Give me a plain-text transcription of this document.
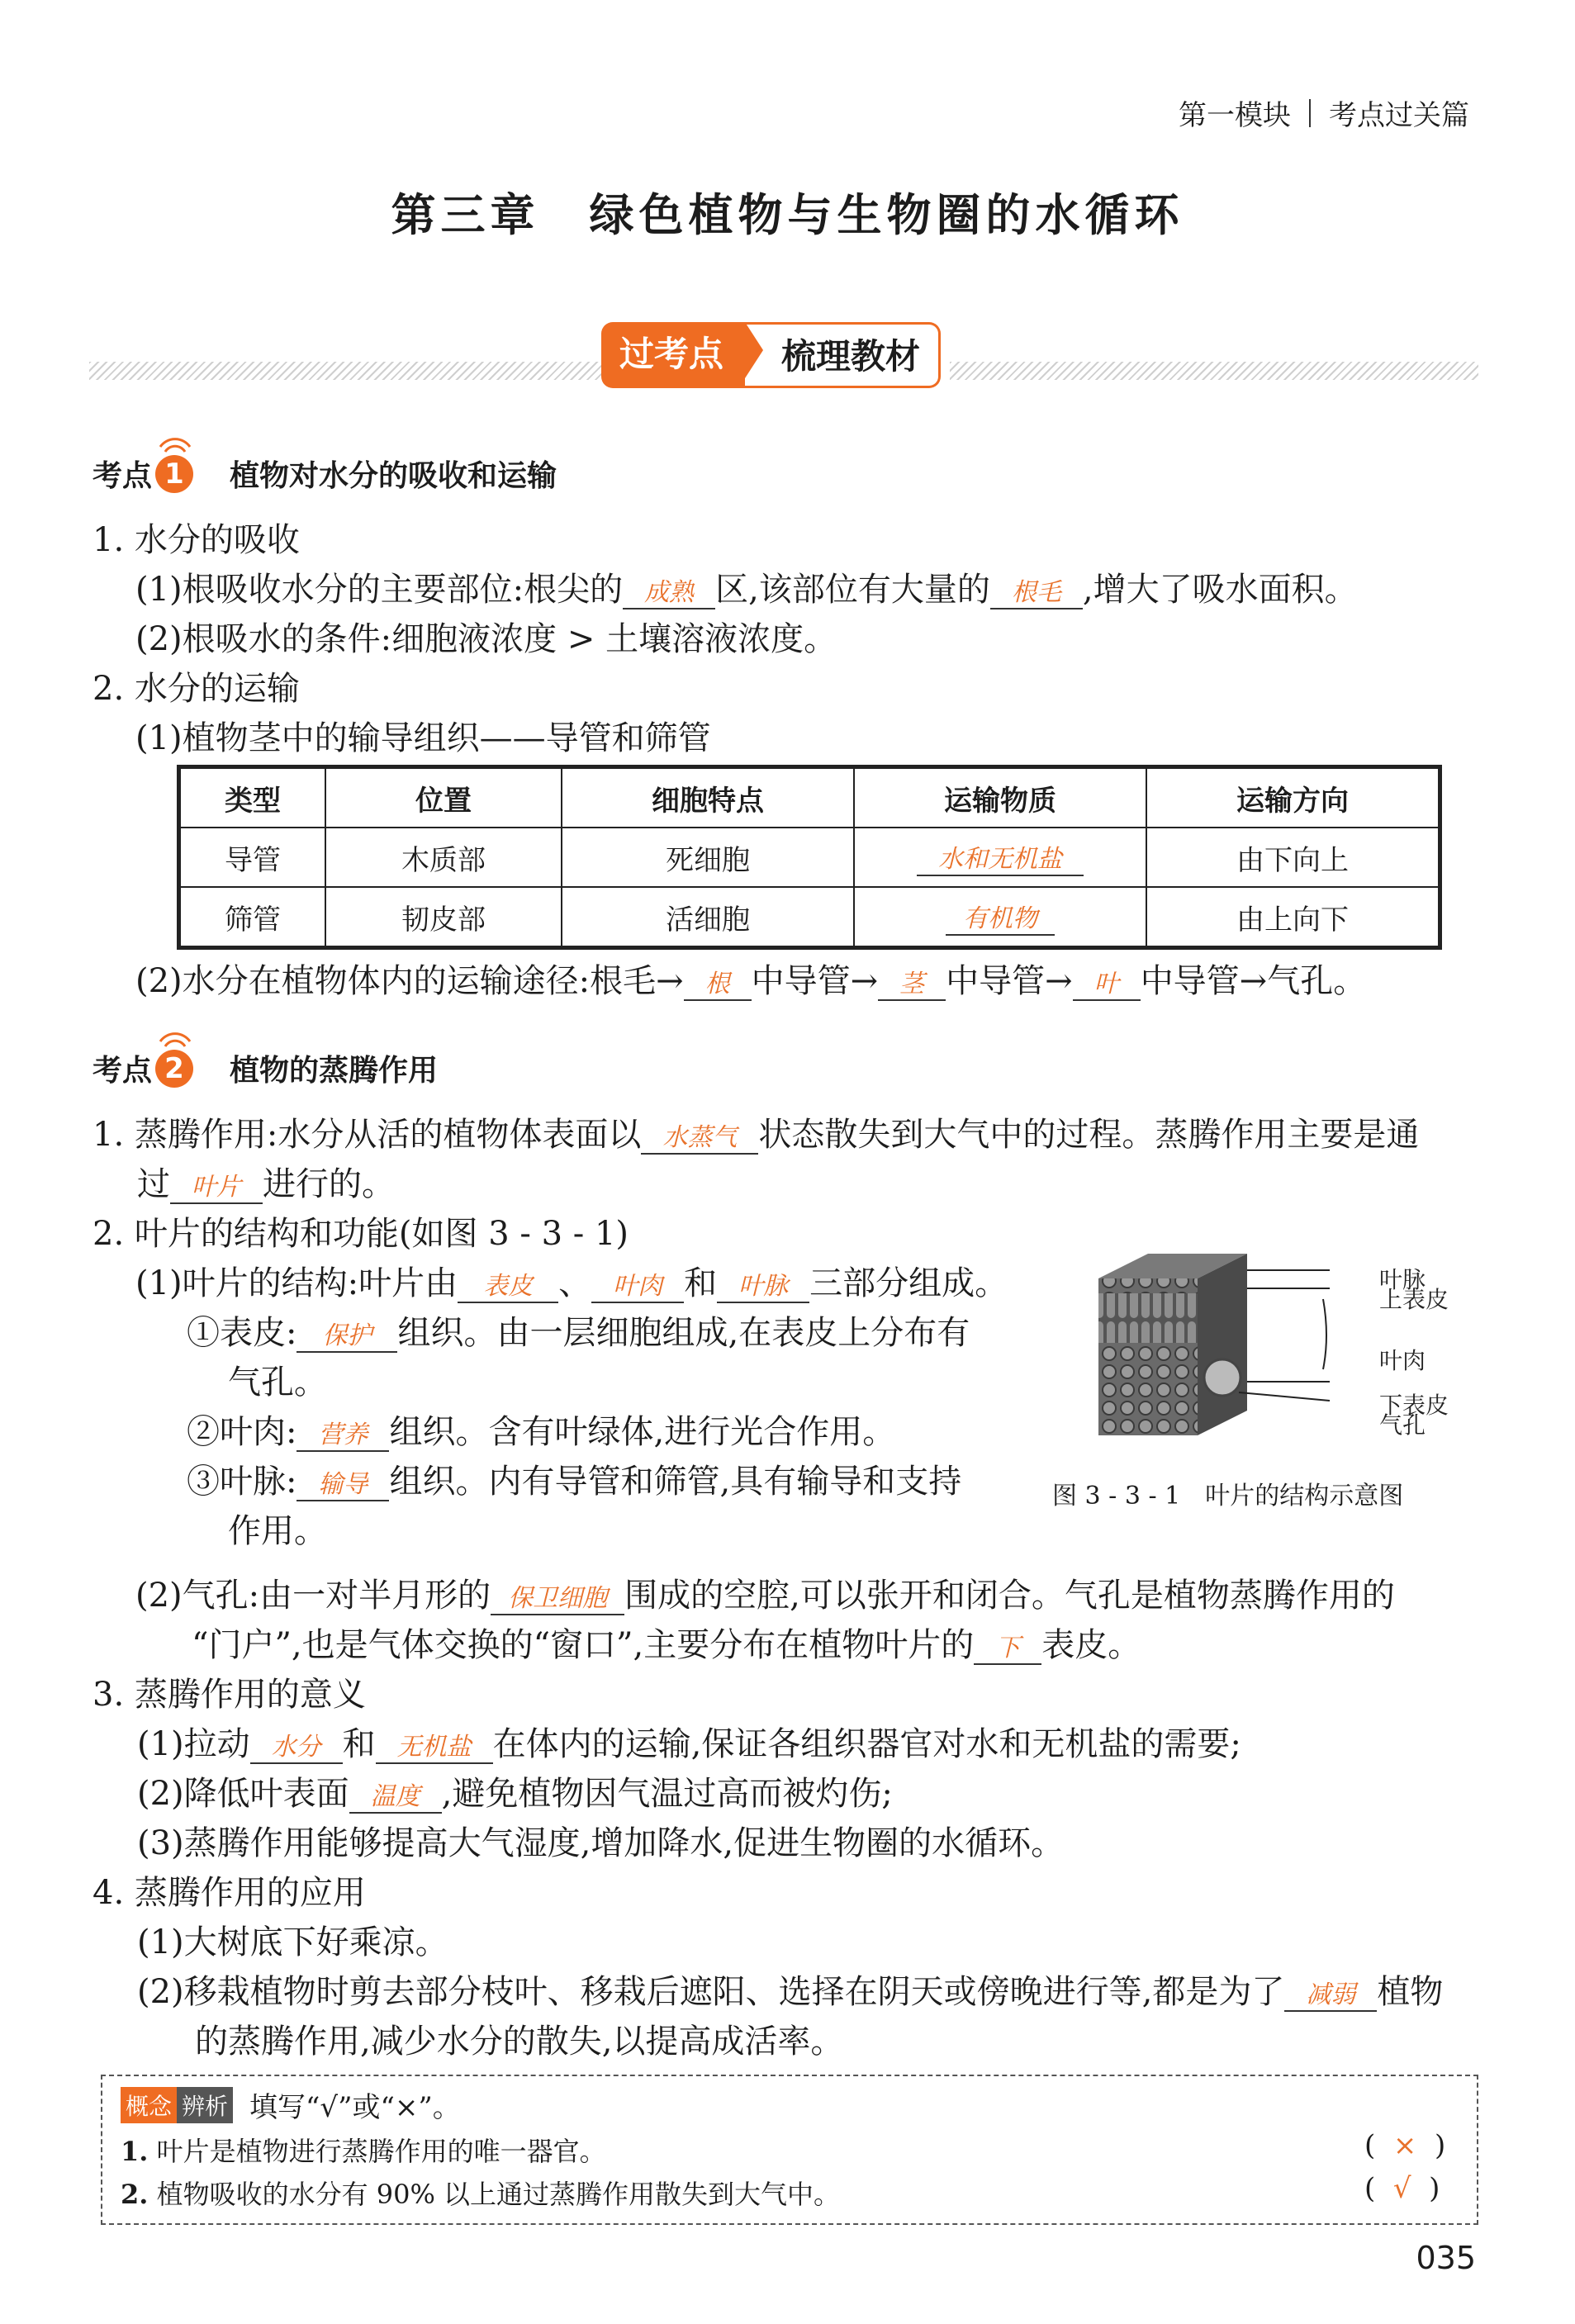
第一模块 考点过关篇
第三章 绿色植物与生物圈的水循环
过考点	梳理教材
考点 1 植物对水分的吸收和运输
1. 水分的吸收
(1)根吸收水分的主要部位:根尖的 成熟 区,该部位有大量的 根毛 ,增大了吸水面积。
(2)根吸水的条件:细胞液浓度 > 土壤溶液浓度。
2. 水分的运输
(1)植物茎中的输导组织——导管和筛管
类型	位置	细胞特点	运输物质	运输方向
导管	木质部	死细胞	水和无机盐	由下向上
筛管	韧皮部	活细胞	有机物	由上向下
(2)水分在植物体内的运输途径:根毛→ 根 中导管→ 茎 中导管→ 叶 中导管→气孔。
考点 2 植物的蒸腾作用
1. 蒸腾作用:水分从活的植物体表面以 水蒸气 状态散失到大气中的过程。蒸腾作用主要是通
过 叶片 进行的。
2. 叶片的结构和功能(如图 3 - 3 - 1)
(1)叶片的结构:叶片由 表皮 、 叶肉 和 叶脉 三部分组成。
①表皮: 保护 组织。由一层细胞组成,在表皮上分布有
气孔。
②叶肉: 营养 组织。含有叶绿体,进行光合作用。
③叶脉: 输导 组织。内有导管和筛管,具有输导和支持
作用。
叶脉
上表皮
叶肉
下表皮
气孔
图 3 - 3 - 1　叶片的结构示意图
(2)气孔:由一对半月形的 保卫细胞 围成的空腔,可以张开和闭合。气孔是植物蒸腾作用的
“门户”,也是气体交换的“窗口”,主要分布在植物叶片的 下 表皮。
3. 蒸腾作用的意义
(1)拉动 水分 和 无机盐 在体内的运输,保证各组织器官对水和无机盐的需要;
(2)降低叶表面 温度 ,避免植物因气温过高而被灼伤;
(3)蒸腾作用能够提高大气湿度,增加降水,促进生物圈的水循环。
4. 蒸腾作用的应用
(1)大树底下好乘凉。
(2)移栽植物时剪去部分枝叶、移栽后遮阳、选择在阴天或傍晚进行等,都是为了 减弱 植物
的蒸腾作用,减少水分的散失,以提高成活率。
概念 辨析 填写“√”或“×”。
1. 叶片是植物进行蒸腾作用的唯一器官。	(  ×  )
2. 植物吸收的水分有 90% 以上通过蒸腾作用散失到大气中。	(  √  )
035
